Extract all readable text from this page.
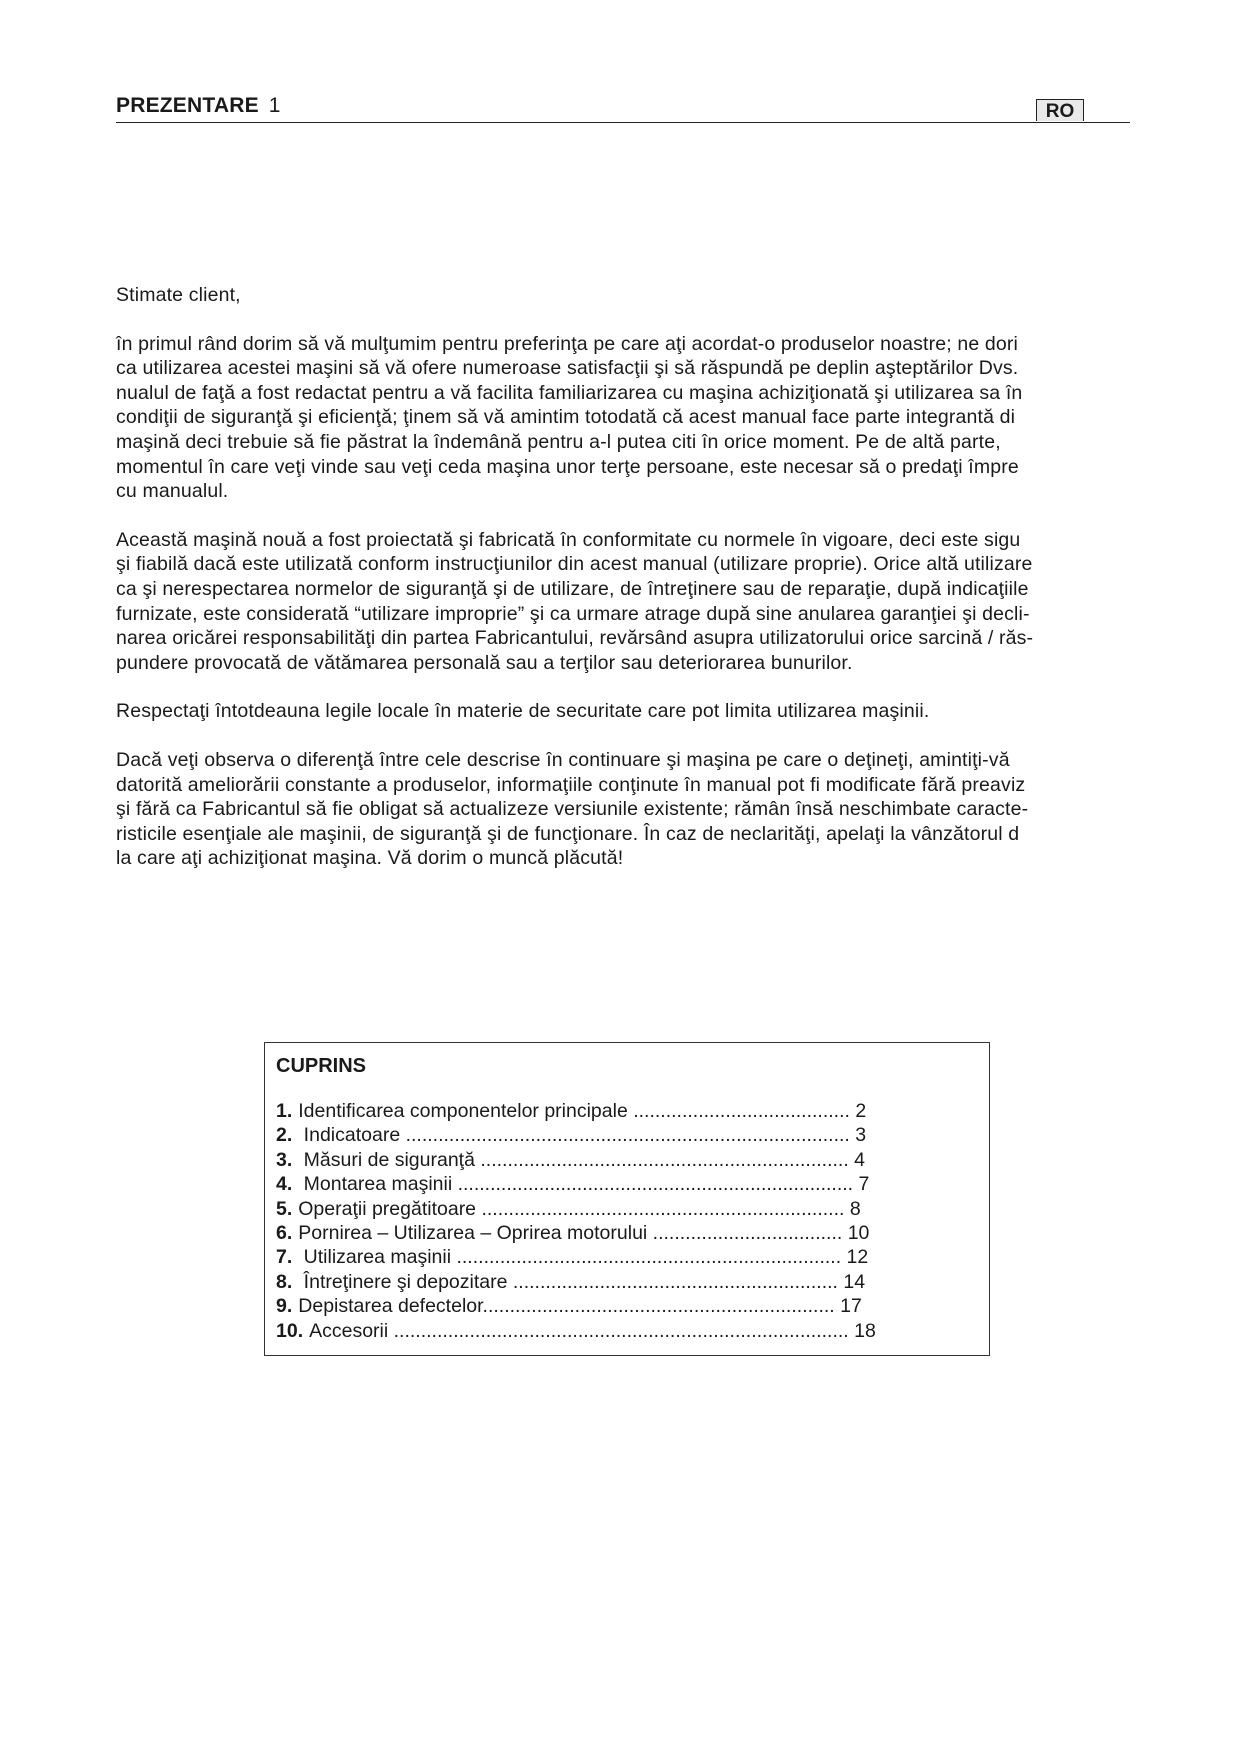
PREZENTARE 1	RO

Stimate client,

în primul rând dorim să vă mulţumim pentru preferinţa pe care aţi acordat-o produselor noastre; ne dori
ca utilizarea acestei maşini să vă ofere numeroase satisfacţii şi să răspundă pe deplin aşteptărilor Dvs.
nualul de faţă a fost redactat pentru a vă facilita familiarizarea cu maşina achiziţionată şi utilizarea sa în
condiţii de siguranţă şi eficienţă; ţinem să vă amintim totodată că acest manual face parte integrantă di
maşină deci trebuie să fie păstrat la îndemână pentru a-l putea citi în orice moment. Pe de altă parte,
momentul în care veţi vinde sau veţi ceda maşina unor terţe persoane, este necesar să o predaţi împre
cu manualul.

Această maşină nouă a fost proiectată şi fabricată în conformitate cu normele în vigoare, deci este sigu
şi fiabilă dacă este utilizată conform instrucţiunilor din acest manual (utilizare proprie). Orice altă utilizare
ca şi nerespectarea normelor de siguranţă şi de utilizare, de întreţinere sau de reparaţie, după indicaţiile
furnizate, este considerată “utilizare improprie” şi ca urmare atrage după sine anularea garanţiei şi decli-
narea oricărei responsabilităţi din partea Fabricantului, revărsând asupra utilizatorului orice sarcină / răs-
pundere provocată de vătămarea personală sau a terţilor sau deteriorarea bunurilor.

Respectaţi întotdeauna legile locale în materie de securitate care pot limita utilizarea maşinii.

Dacă veţi observa o diferenţă între cele descrise în continuare şi maşina pe care o deţineţi, amintiţi-vă
datorită ameliorării constante a produselor, informaţiile conţinute în manual pot fi modificate fără preaviz
şi fără ca Fabricantul să fie obligat să actualizeze versiunile existente; rămân însă neschimbate caracte-
risticile esenţiale ale maşinii, de siguranţă şi de funcţionare. În caz de neclarităţi, apelaţi la vânzătorul d
la care aţi achiziţionat maşina. Vă dorim o muncă plăcută!

CUPRINS
1. Identificarea componentelor principale ........................................ 2
2. Indicatoare .................................................................................. 3
3. Măsuri de siguranţă .................................................................... 4
4. Montarea maşinii ......................................................................... 7
5. Operaţii pregătitoare ................................................................... 8
6. Pornirea – Utilizarea – Oprirea motorului ................................... 10
7. Utilizarea maşinii ....................................................................... 12
8. Întreţinere şi depozitare ............................................................ 14
9. Depistarea defectelor................................................................. 17
10. Accesorii .................................................................................... 18
